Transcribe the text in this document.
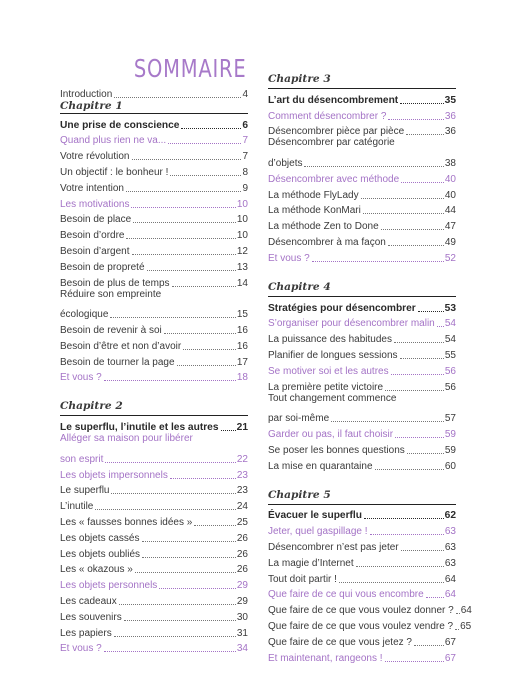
SOMMAIRE
Introduction	4
Chapitre 1
Une prise de conscience	6
Quand plus rien ne va...	7
Votre révolution	7
Un objectif : le bonheur !	8
Votre intention	9
Les motivations	10
Besoin de place	10
Besoin d’ordre	10
Besoin d’argent	12
Besoin de propreté	13
Besoin de plus de temps	14
Réduire son empreinte
écologique	15
Besoin de revenir à soi	16
Besoin d’être et non d’avoir	16
Besoin de tourner la page	17
Et vous ?	18
Chapitre 2
Le superflu, l’inutile et les autres 21
Alléger sa maison pour libérer
son esprit	22
Les objets impersonnels	23
Le superflu	23
L’inutile	24
Les « fausses bonnes idées »	25
Les objets cassés	26
Les objets oubliés	26
Les « okazous »	26
Les objets personnels	29
Les cadeaux	29
Les souvenirs	30
Les papiers	31
Et vous ?	34
Chapitre 3
L’art du désencombrement	35
Comment désencombrer ?	36
Désencombrer pièce par pièce	36
Désencombrer par catégorie
d’objets	38
Désencombrer avec méthode	40
La méthode FlyLady	40
La méthode KonMari	44
La méthode Zen to Done	47
Désencombrer à ma façon	49
Et vous ?	52
Chapitre 4
Stratégies pour désencombrer	53
S’organiser pour désencombrer malin 54
La puissance des habitudes	54
Planifier de longues sessions	55
Se motiver soi et les autres	56
La première petite victoire	56
Tout changement commence
par soi-même	57
Garder ou pas, il faut choisir	59
Se poser les bonnes questions	59
La mise en quarantaine	60
Chapitre 5
Évacuer le superflu	62
Jeter, quel gaspillage !	63
Désencombrer n’est pas jeter	63
La magie d’Internet	63
Tout doit partir !	64
Que faire de ce qui vous encombre 64
Que faire de ce que vous voulez donner ? 64
Que faire de ce que vous voulez vendre ? 65
Que faire de ce que vous jetez ?	67
Et maintenant, rangeons !	67
